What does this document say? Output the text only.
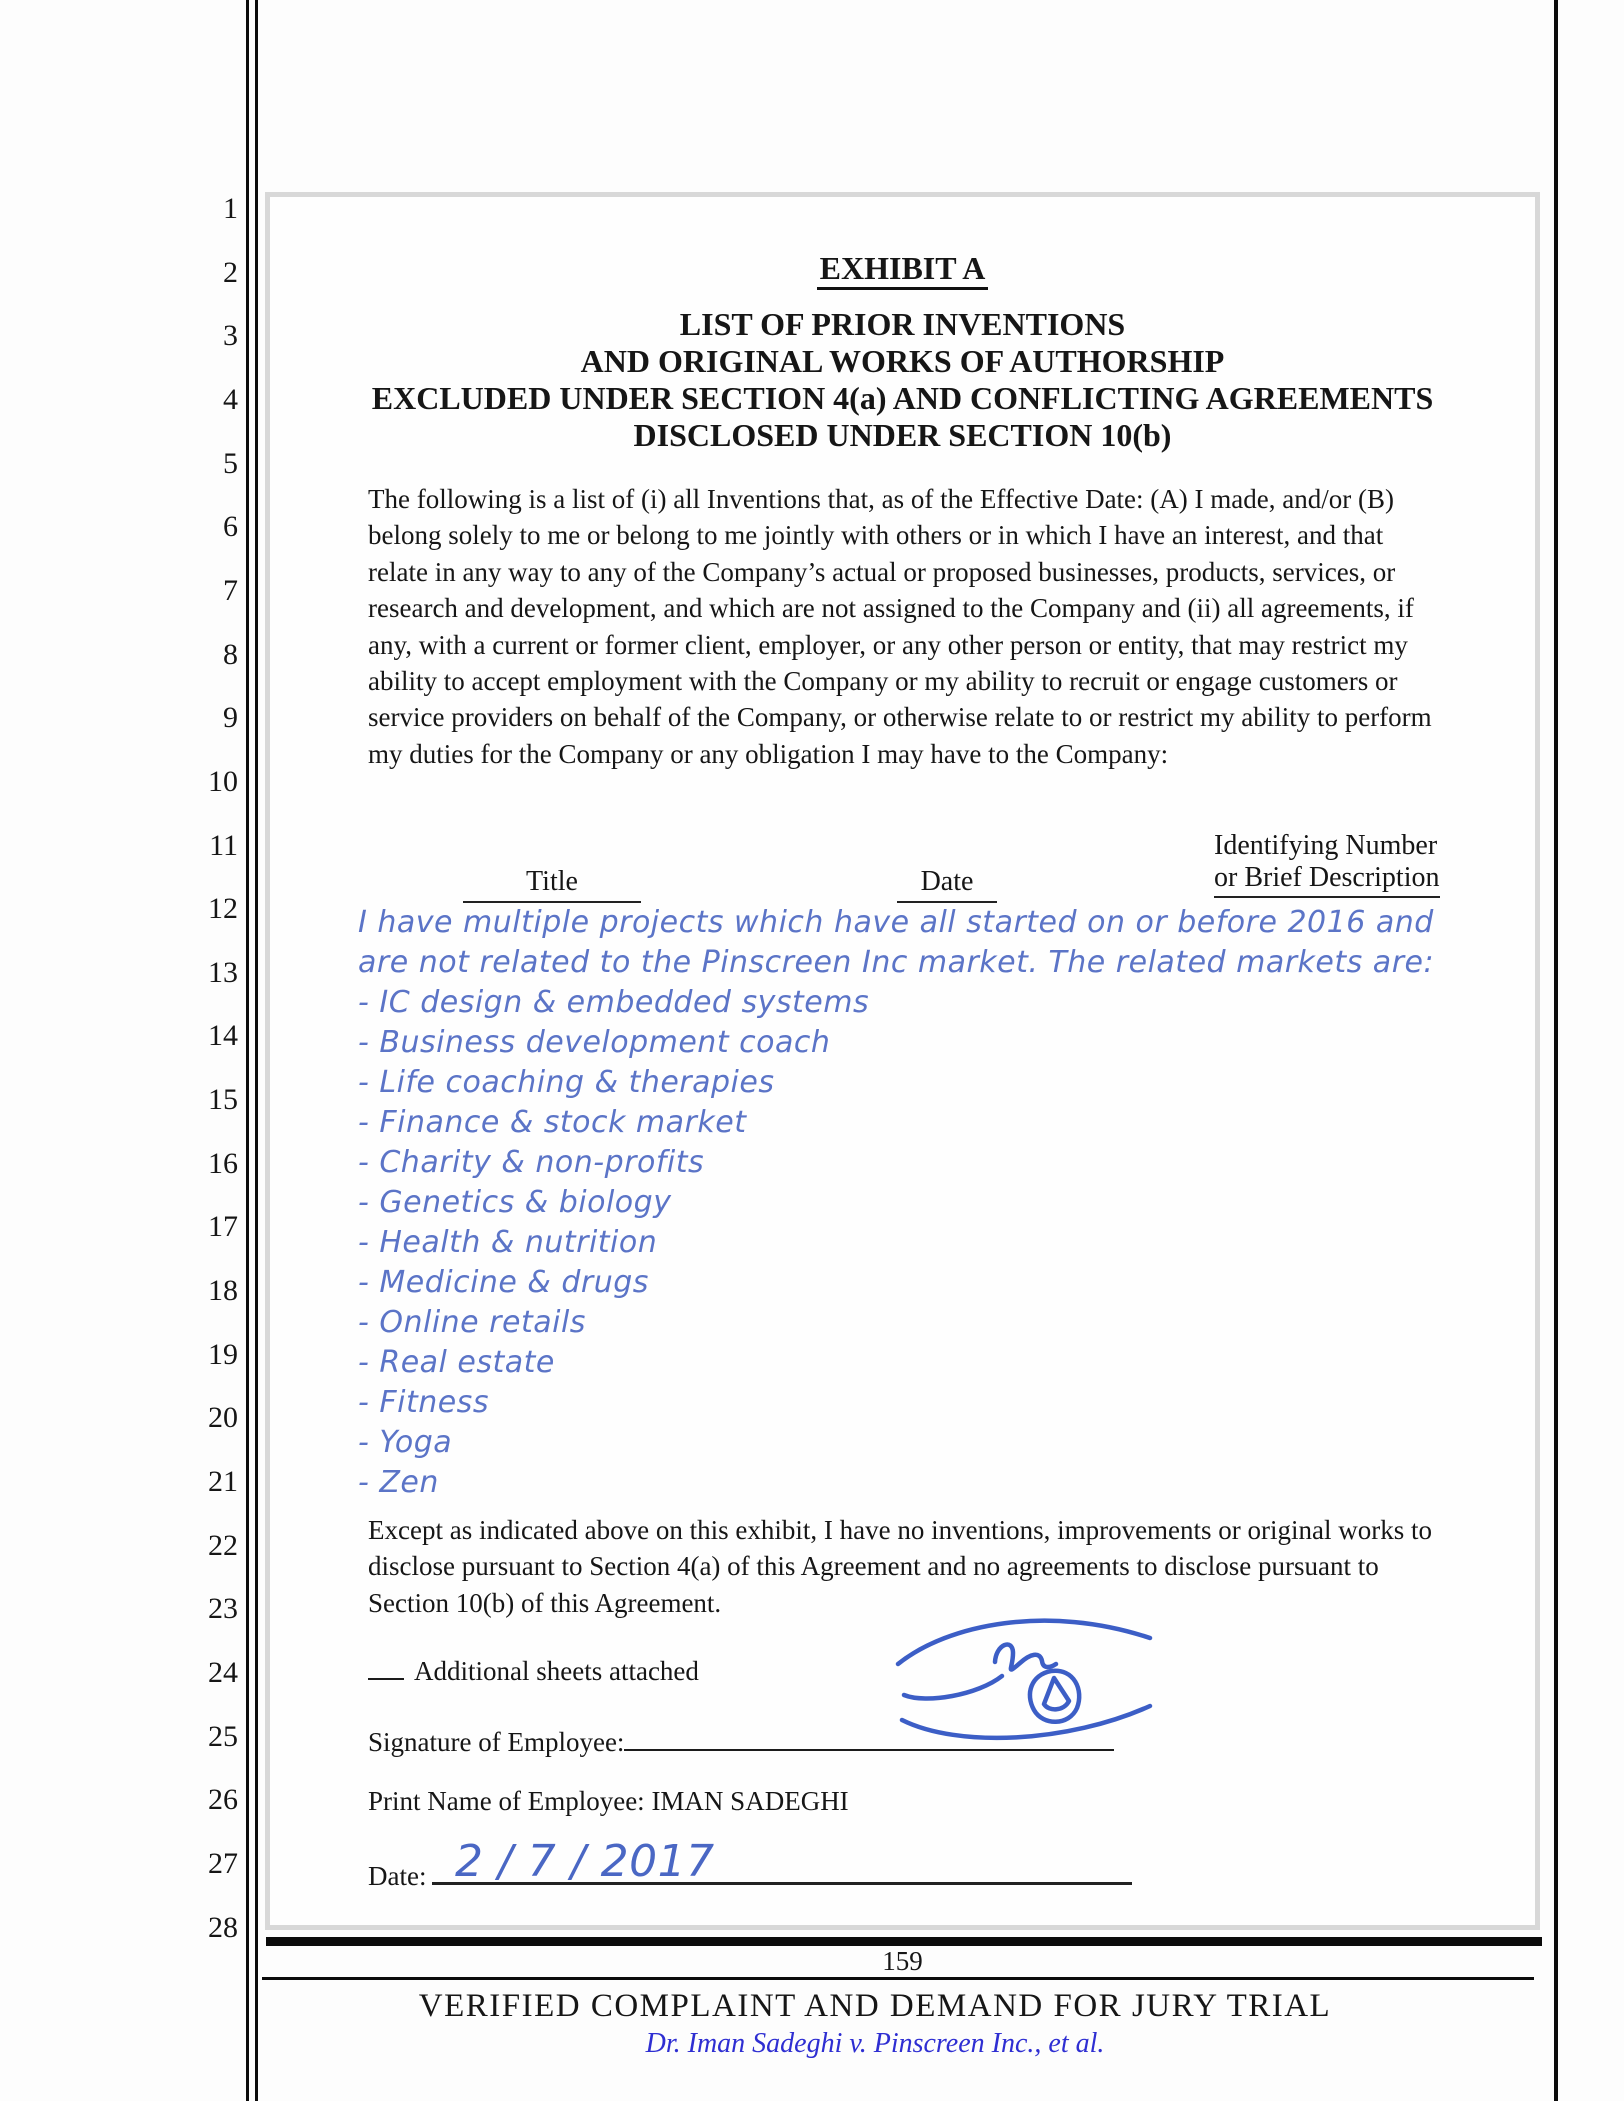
1
2
3
4
5
6
7
8
9
10
11
12
13
14
15
16
17
18
19
20
21
22
23
24
25
26
27
28
EXHIBIT A
LIST OF PRIOR INVENTIONS
AND ORIGINAL WORKS OF AUTHORSHIP
EXCLUDED UNDER SECTION 4(a) AND CONFLICTING AGREEMENTS
DISCLOSED UNDER SECTION 10(b)
The following is a list of (i) all Inventions that, as of the Effective Date: (A) I made, and/or (B) belong solely to me or belong to me jointly with others or in which I have an interest, and that relate in any way to any of the Company’s actual or proposed businesses, products, services, or research and development, and which are not assigned to the Company and (ii) all agreements, if any, with a current or former client, employer, or any other person or entity, that may restrict my ability to accept employment with the Company or my ability to recruit or engage customers or service providers on behalf of the Company, or otherwise relate to or restrict my ability to perform my duties for the Company or any obligation I may have to the Company:
Title	Date
Identifying Number
or Brief Description
I have multiple projects which have all started on or before 2016 and
are not related to the Pinscreen Inc market. The related markets are:
- IC design & embedded systems
- Business development coach
- Life coaching & therapies
- Finance & stock market
- Charity & non-profits
- Genetics & biology
- Health & nutrition
- Medicine & drugs
- Online retails
- Real estate
- Fitness
- Yoga
- Zen
Except as indicated above on this exhibit, I have no inventions, improvements or original works to disclose pursuant to Section 4(a) of this Agreement and no agreements to disclose pursuant to Section 10(b) of this Agreement.
Additional sheets attached
Signature of Employee:
Print Name of Employee: IMAN SADEGHI
Date: 2 / 7 / 2017
159
VERIFIED COMPLAINT AND DEMAND FOR JURY TRIAL
Dr. Iman Sadeghi v. Pinscreen Inc., et al.
